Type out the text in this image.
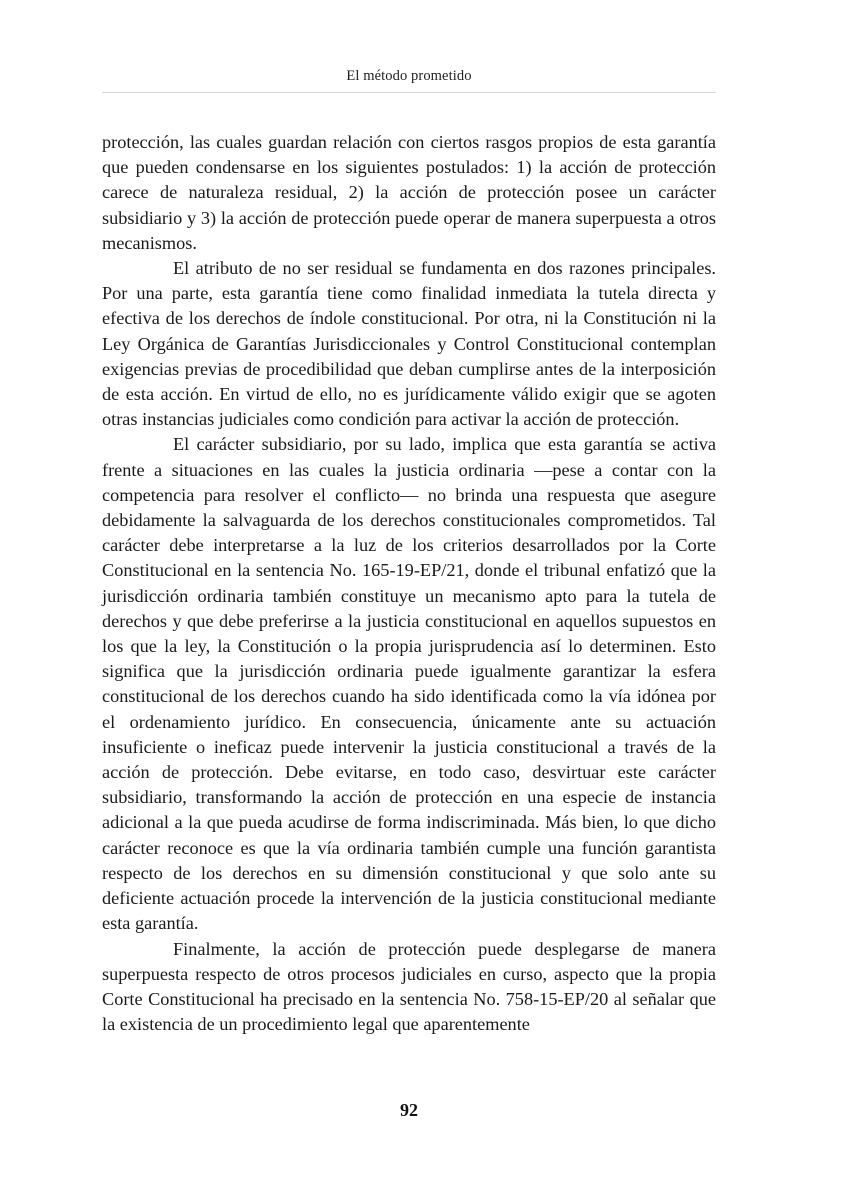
El método prometido

protección, las cuales guardan relación con ciertos rasgos propios de esta garantía que pueden condensarse en los siguientes postulados: 1) la acción de protección carece de naturaleza residual, 2) la acción de protección posee un carácter subsidiario y 3) la acción de protección puede operar de manera superpuesta a otros mecanismos.

El atributo de no ser residual se fundamenta en dos razones principales. Por una parte, esta garantía tiene como finalidad inmediata la tutela directa y efectiva de los derechos de índole constitucional. Por otra, ni la Constitución ni la Ley Orgánica de Garantías Jurisdiccionales y Control Constitucional contemplan exigencias previas de procedibilidad que deban cumplirse antes de la interposición de esta acción. En virtud de ello, no es jurídicamente válido exigir que se agoten otras instancias judiciales como condición para activar la acción de protección.

El carácter subsidiario, por su lado, implica que esta garantía se activa frente a situaciones en las cuales la justicia ordinaria —pese a contar con la competencia para resolver el conflicto— no brinda una respuesta que asegure debidamente la salvaguarda de los derechos constitucionales comprometidos. Tal carácter debe interpretarse a la luz de los criterios desarrollados por la Corte Constitucional en la sentencia No. 165-19-EP/21, donde el tribunal enfatizó que la jurisdicción ordinaria también constituye un mecanismo apto para la tutela de derechos y que debe preferirse a la justicia constitucional en aquellos supuestos en los que la ley, la Constitución o la propia jurisprudencia así lo determinen. Esto significa que la jurisdicción ordinaria puede igualmente garantizar la esfera constitucional de los derechos cuando ha sido identificada como la vía idónea por el ordenamiento jurídico. En consecuencia, únicamente ante su actuación insuficiente o ineficaz puede intervenir la justicia constitucional a través de la acción de protección. Debe evitarse, en todo caso, desvirtuar este carácter subsidiario, transformando la acción de protección en una especie de instancia adicional a la que pueda acudirse de forma indiscriminada. Más bien, lo que dicho carácter reconoce es que la vía ordinaria también cumple una función garantista respecto de los derechos en su dimensión constitucional y que solo ante su deficiente actuación procede la intervención de la justicia constitucional mediante esta garantía.

Finalmente, la acción de protección puede desplegarse de manera superpuesta respecto de otros procesos judiciales en curso, aspecto que la propia Corte Constitucional ha precisado en la sentencia No. 758-15-EP/20 al señalar que la existencia de un procedimiento legal que aparentemente

92
